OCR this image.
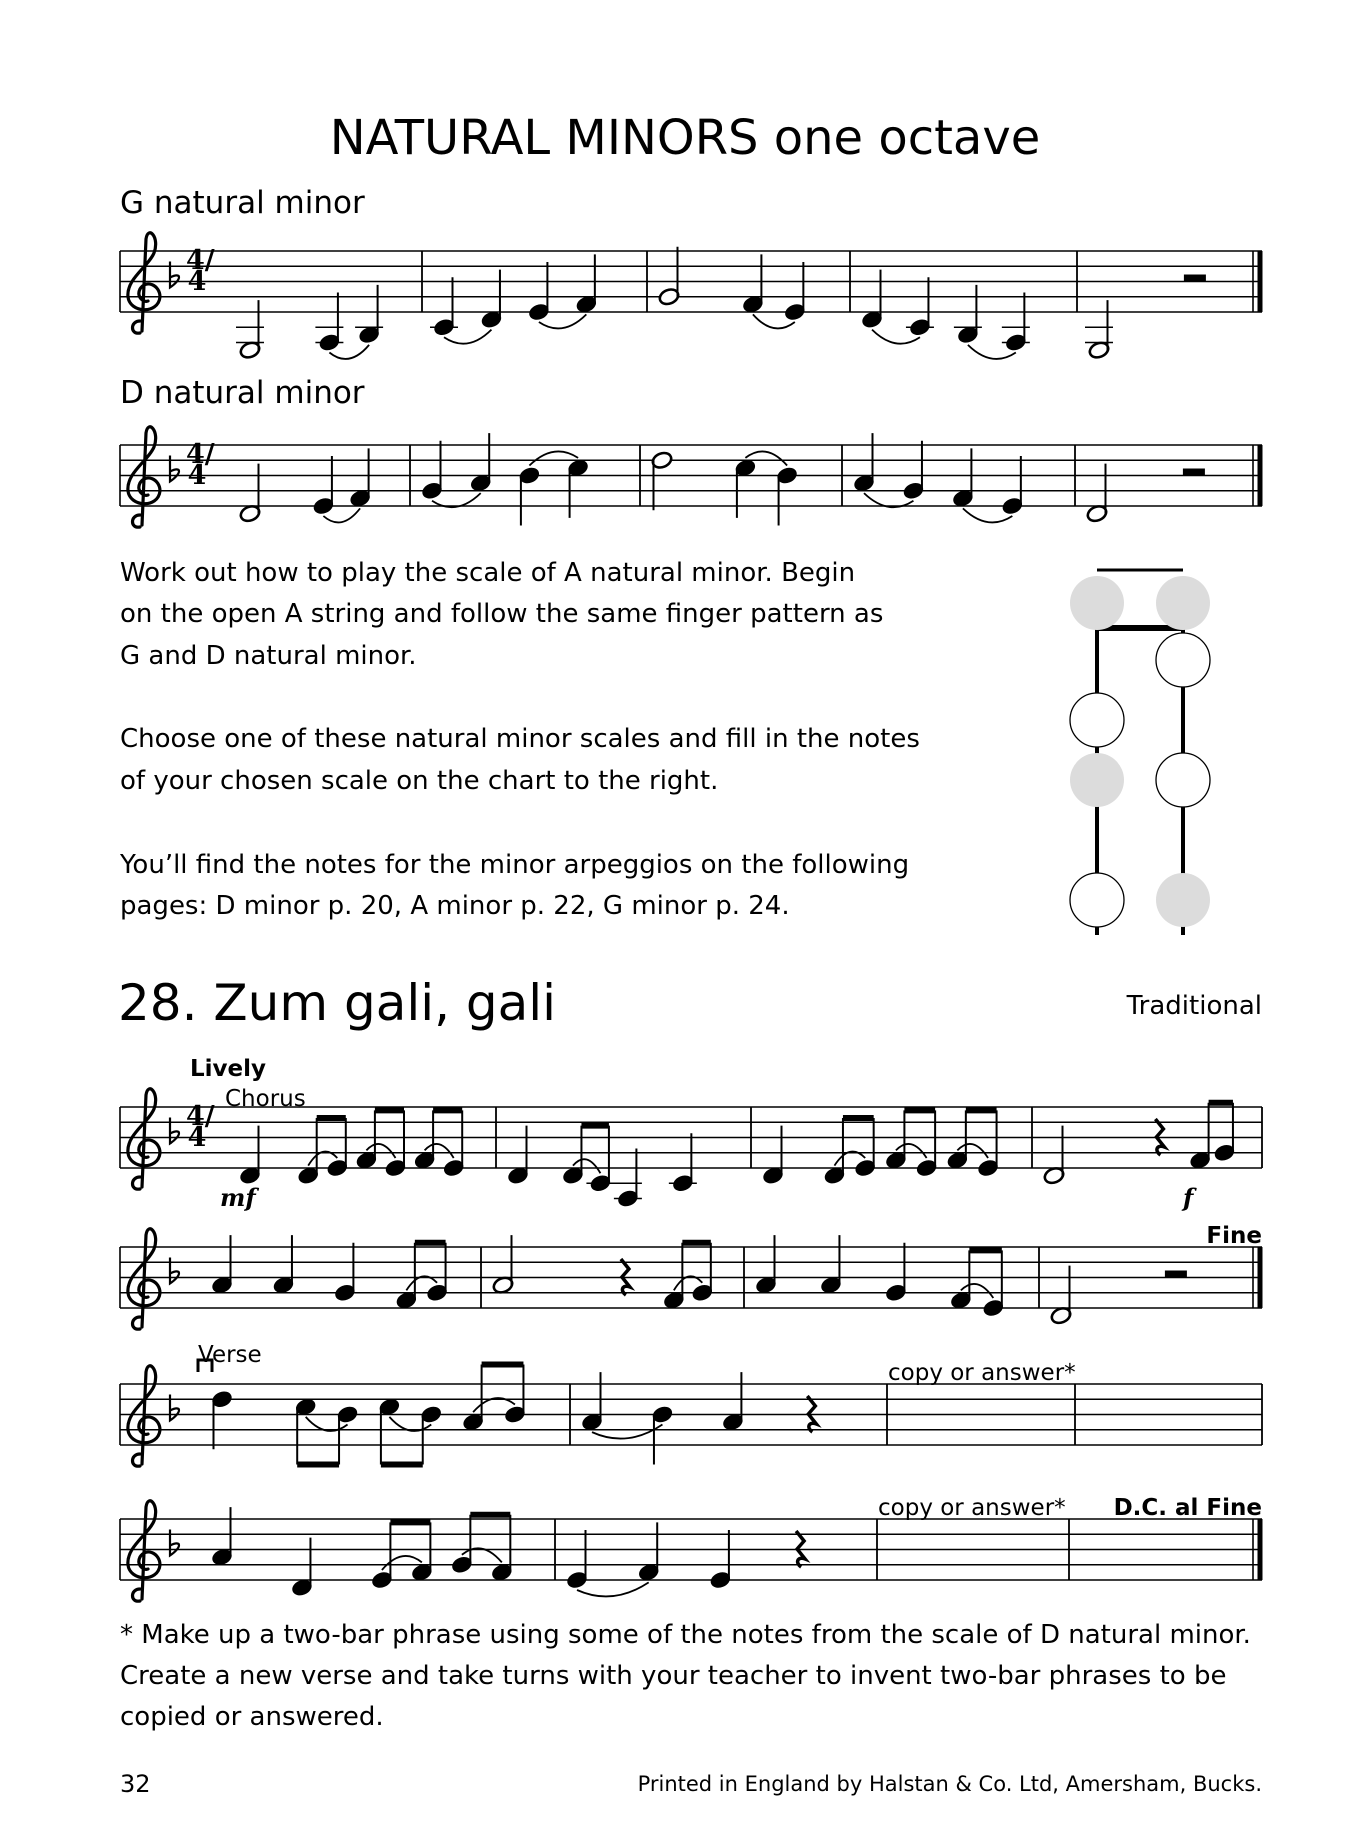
NATURAL MINORS one octave
G natural minor
D natural minor
Work out how to play the scale of A natural minor. Begin
on the open A string and follow the same finger pattern as
G and D natural minor.
Choose one of these natural minor scales and fill in the notes
of your chosen scale on the chart to the right.
You’ll find the notes for the minor arpeggios on the following
pages: D minor p. 20, A minor p. 22, G minor p. 24.
28. Zum gali, gali	Traditional
Lively
Chorus
mf	f
Fine
Verse
copy or answer*
copy or answer* D.C. al Fine
4/4
4/4
4/4
* Make up a two-bar phrase using some of the notes from the scale of D natural minor.
Create a new verse and take turns with your teacher to invent two-bar phrases to be
copied or answered.
32	Printed in England by Halstan & Co. Ltd, Amersham, Bucks.
